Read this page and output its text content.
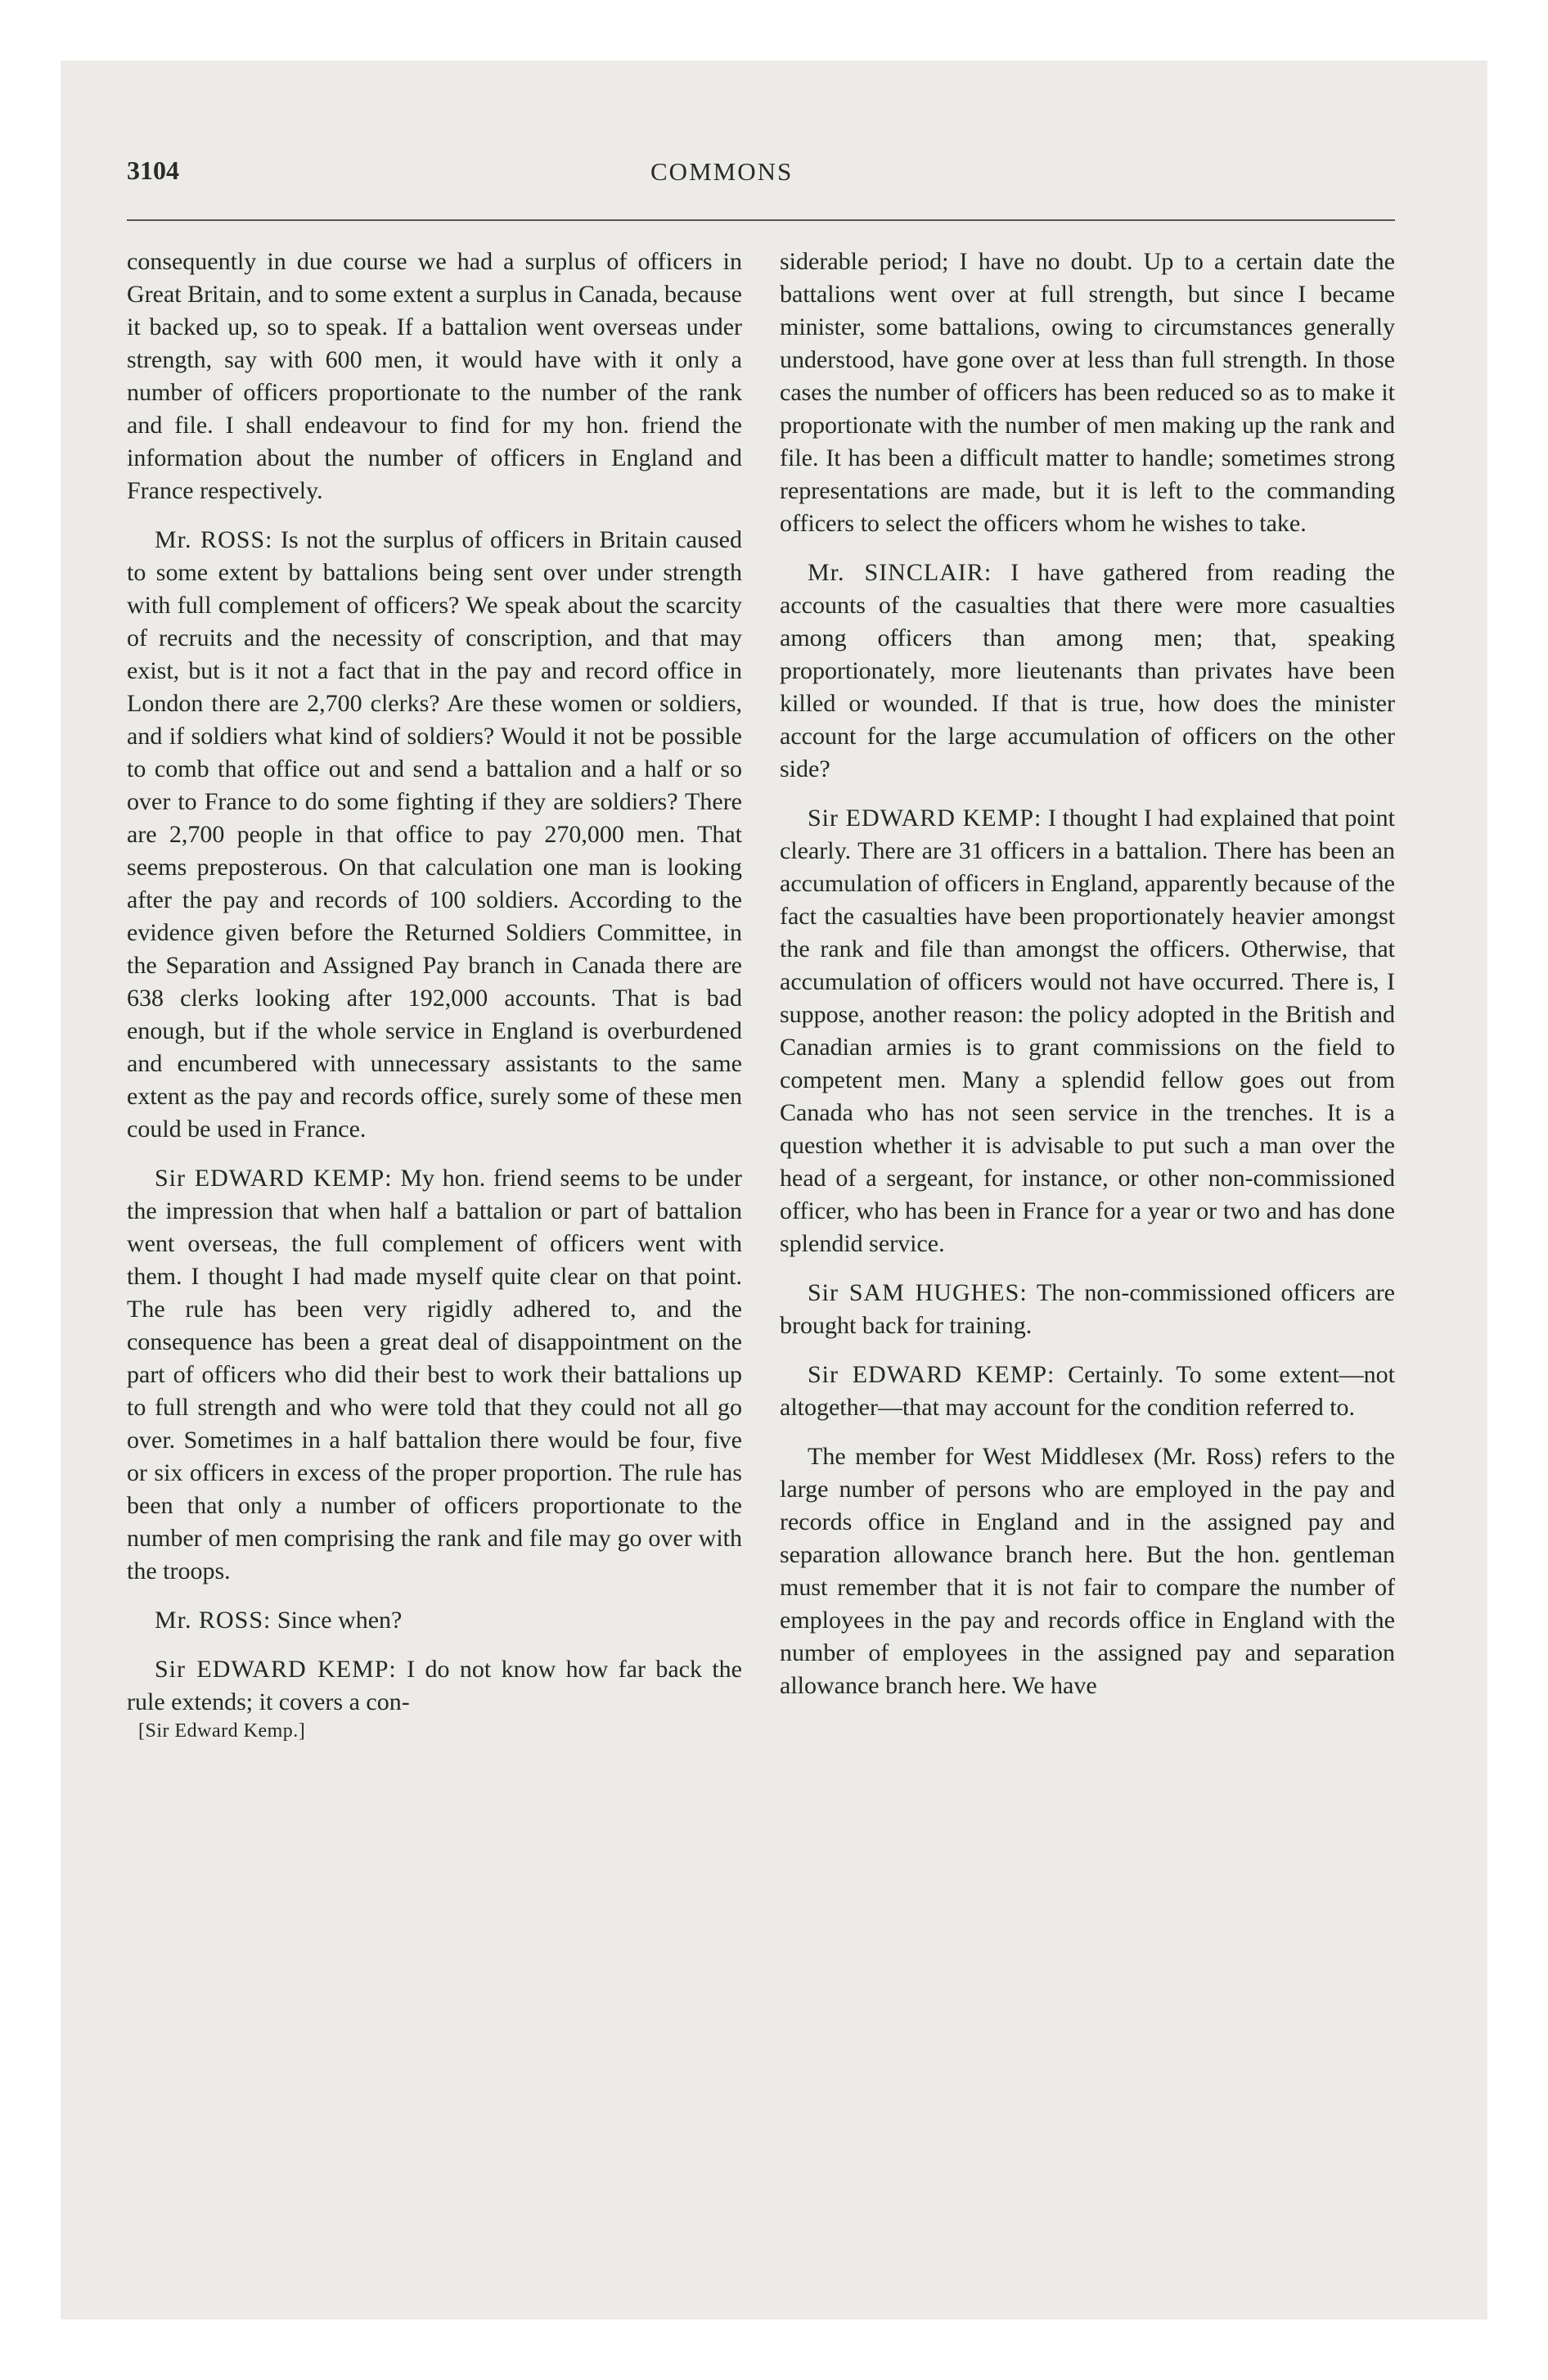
3104	COMMONS

consequently in due course we had a surplus of officers in Great Britain, and to some extent a surplus in Canada, because it backed up, so to speak. If a battalion went overseas under strength, say with 600 men, it would have with it only a number of officers proportionate to the number of the rank and file. I shall endeavour to find for my hon. friend the information about the number of officers in England and France respectively.

Mr. ROSS: Is not the surplus of officers in Britain caused to some extent by battalions being sent over under strength with full complement of officers? We speak about the scarcity of recruits and the necessity of conscription, and that may exist, but is it not a fact that in the pay and record office in London there are 2,700 clerks? Are these women or soldiers, and if soldiers what kind of soldiers? Would it not be possible to comb that office out and send a battalion and a half or so over to France to do some fighting if they are soldiers? There are 2,700 people in that office to pay 270,000 men. That seems preposterous. On that calculation one man is looking after the pay and records of 100 soldiers. According to the evidence given before the Returned Soldiers Committee, in the Separation and Assigned Pay branch in Canada there are 638 clerks looking after 192,000 accounts. That is bad enough, but if the whole service in England is overburdened and encumbered with unnecessary assistants to the same extent as the pay and records office, surely some of these men could be used in France.

Sir EDWARD KEMP: My hon. friend seems to be under the impression that when half a battalion or part of battalion went overseas, the full complement of officers went with them. I thought I had made myself quite clear on that point. The rule has been very rigidly adhered to, and the consequence has been a great deal of disappointment on the part of officers who did their best to work their battalions up to full strength and who were told that they could not all go over. Sometimes in a half battalion there would be four, five or six officers in excess of the proper proportion. The rule has been that only a number of officers proportionate to the number of men comprising the rank and file may go over with the troops.

Mr. ROSS: Since when?

Sir EDWARD KEMP: I do not know how far back the rule extends; it covers a con-

[Sir Edward Kemp.]

siderable period; I have no doubt. Up to a certain date the battalions went over at full strength, but since I became minister, some battalions, owing to circumstances generally understood, have gone over at less than full strength. In those cases the number of officers has been reduced so as to make it proportionate with the number of men making up the rank and file. It has been a difficult matter to handle; sometimes strong representations are made, but it is left to the commanding officers to select the officers whom he wishes to take.

Mr. SINCLAIR: I have gathered from reading the accounts of the casualties that there were more casualties among officers than among men; that, speaking proportionately, more lieutenants than privates have been killed or wounded. If that is true, how does the minister account for the large accumulation of officers on the other side?

Sir EDWARD KEMP: I thought I had explained that point clearly. There are 31 officers in a battalion. There has been an accumulation of officers in England, apparently because of the fact the casualties have been proportionately heavier amongst the rank and file than amongst the officers. Otherwise, that accumulation of officers would not have occurred. There is, I suppose, another reason: the policy adopted in the British and Canadian armies is to grant commissions on the field to competent men. Many a splendid fellow goes out from Canada who has not seen service in the trenches. It is a question whether it is advisable to put such a man over the head of a sergeant, for instance, or other non-commissioned officer, who has been in France for a year or two and has done splendid service.

Sir SAM HUGHES: The non-commissioned officers are brought back for training.

Sir EDWARD KEMP: Certainly. To some extent—not altogether—that may account for the condition referred to.

The member for West Middlesex (Mr. Ross) refers to the large number of persons who are employed in the pay and records office in England and in the assigned pay and separation allowance branch here. But the hon. gentleman must remember that it is not fair to compare the number of employees in the pay and records office in England with the number of employees in the assigned pay and separation allowance branch here. We have
